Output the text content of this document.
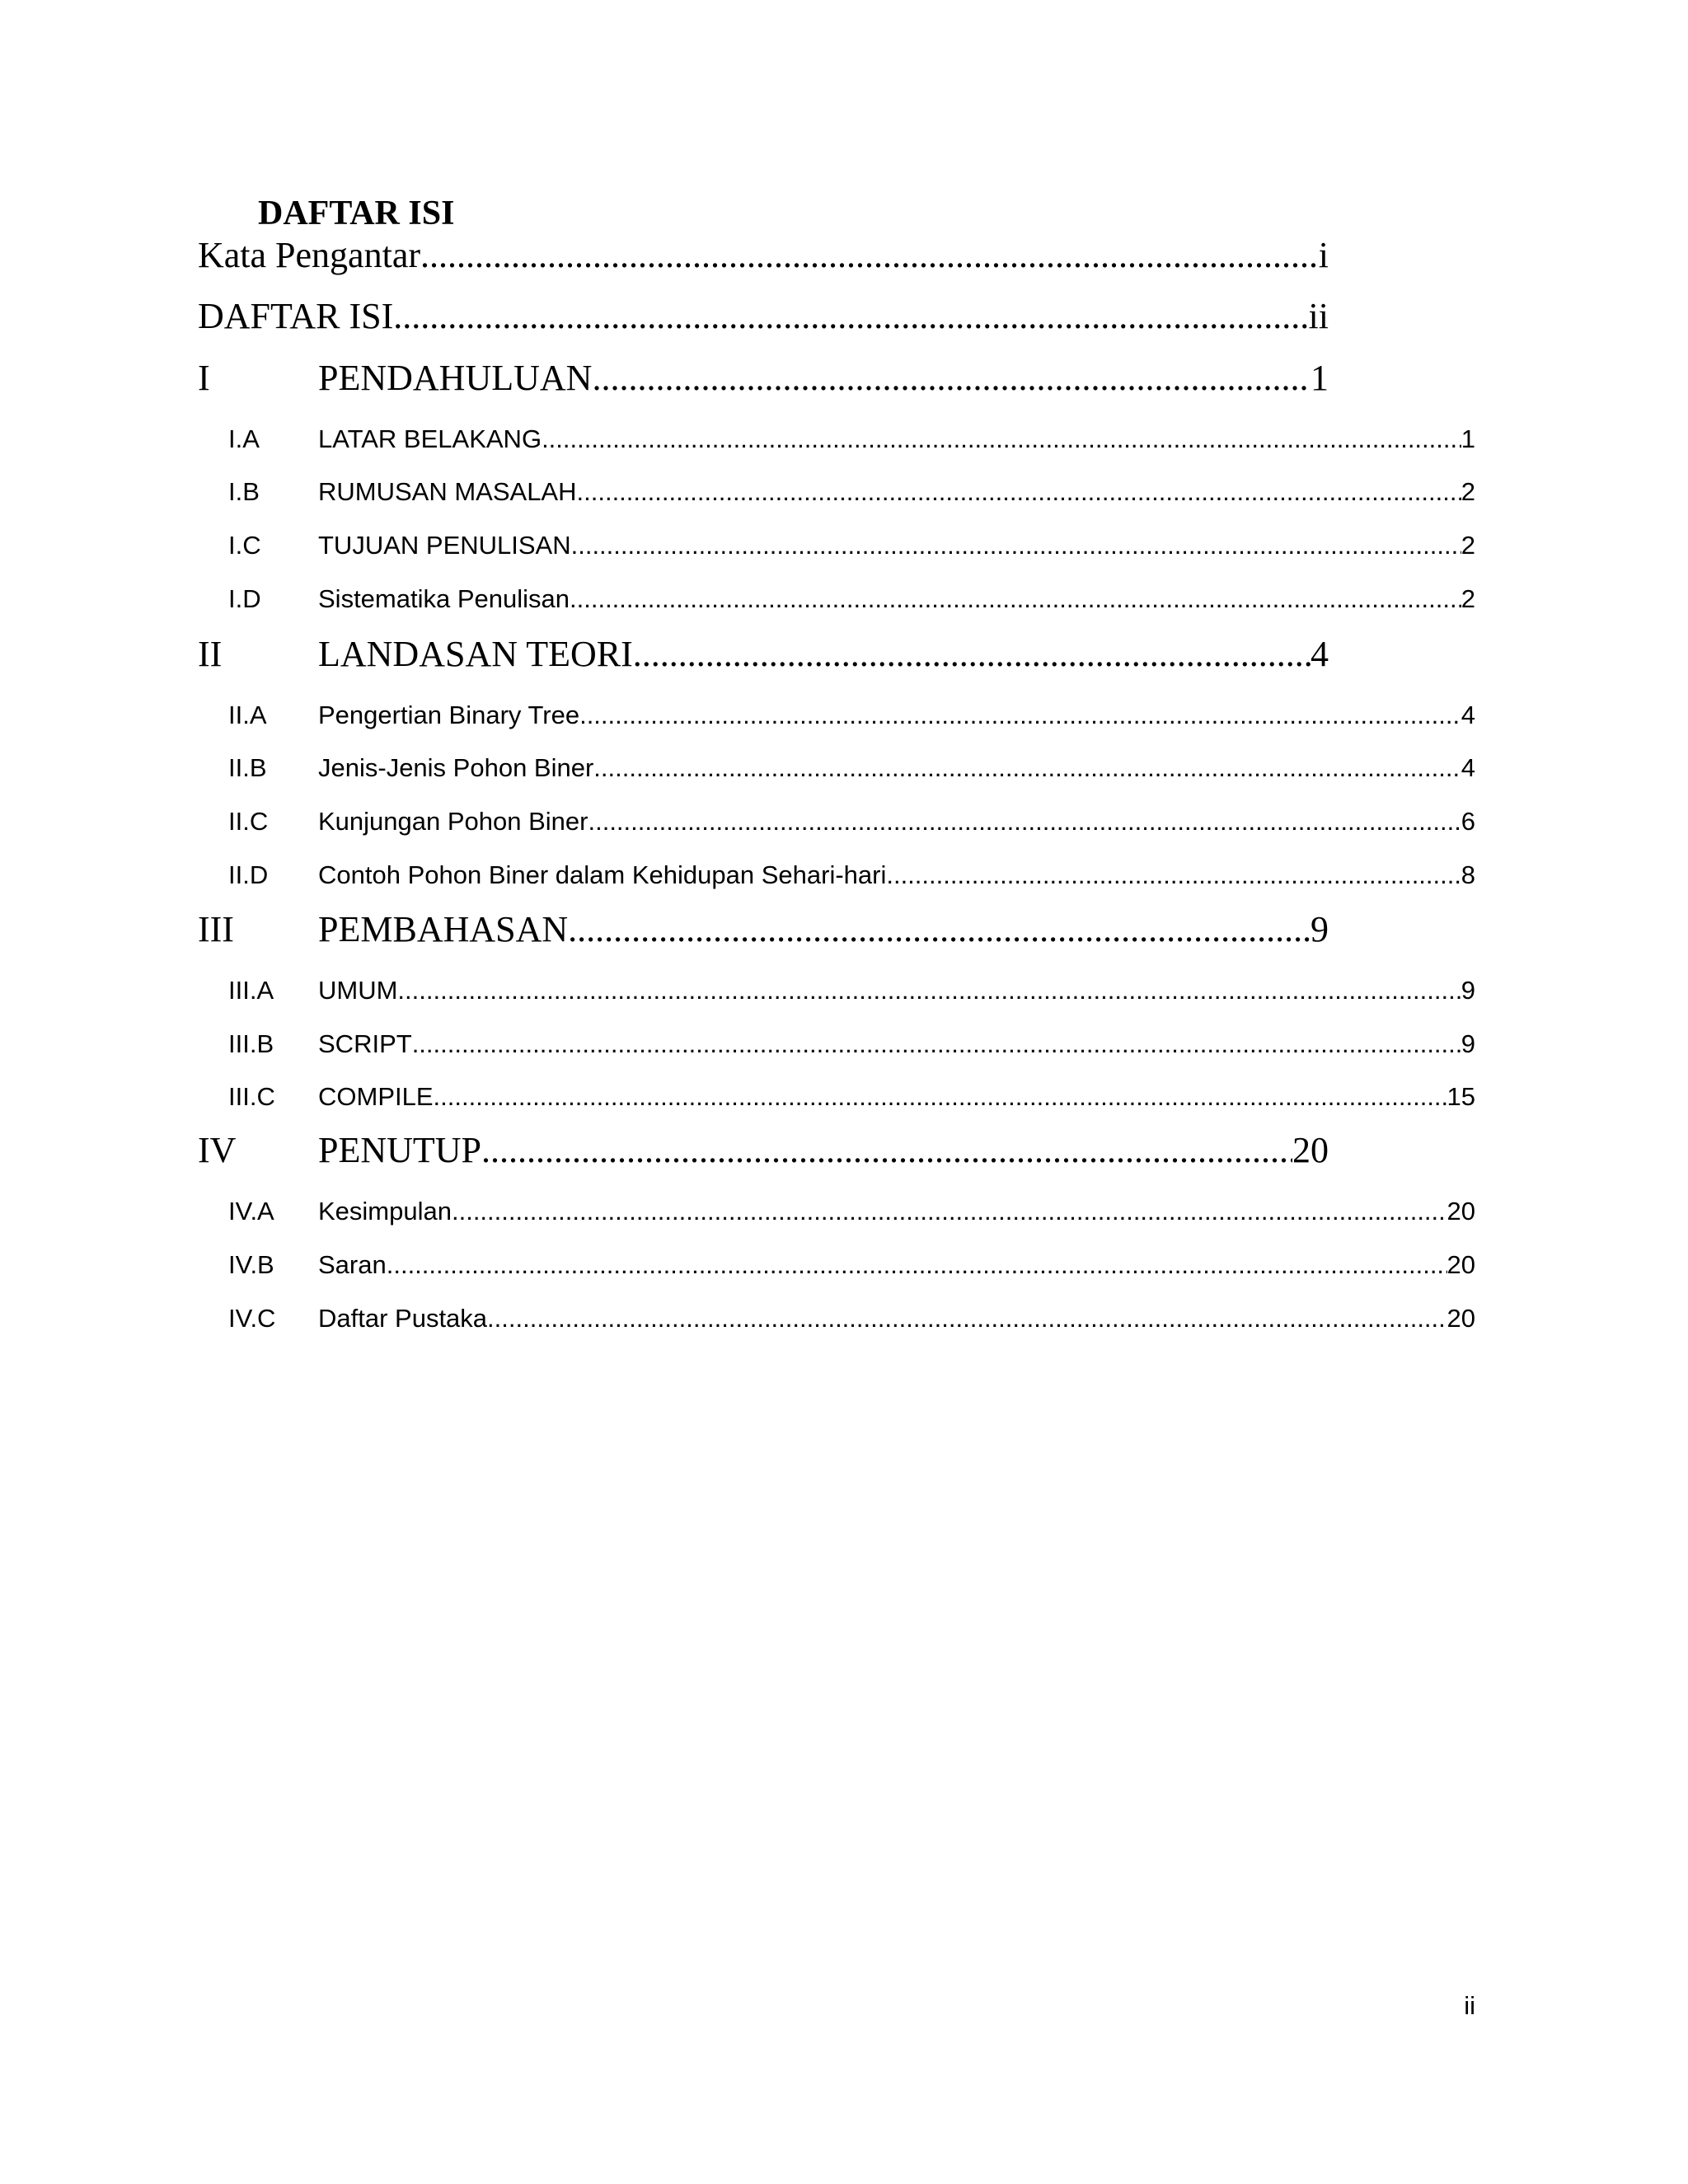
DAFTAR ISI
Kata Pengantar .....	i
DAFTAR ISI .....	ii
I	PENDAHULUAN .....	1
I.A	LATAR BELAKANG .....	1
I.B	RUMUSAN MASALAH .....	2
I.C	TUJUAN PENULISAN .....	2
I.D	Sistematika Penulisan .....	2
II	LANDASAN TEORI .....	4
II.A	Pengertian Binary Tree .....	4
II.B	Jenis-Jenis Pohon Biner .....	4
II.C	Kunjungan Pohon Biner .....	6
II.D	Contoh Pohon Biner dalam Kehidupan Sehari-hari .....	8
III	PEMBAHASAN .....	9
III.A	UMUM .....	9
III.B	SCRIPT .....	9
III.C	COMPILE .....	15
IV	PENUTUP .....	20
IV.A	Kesimpulan .....	20
IV.B	Saran .....	20
IV.C	Daftar Pustaka .....	20
ii
